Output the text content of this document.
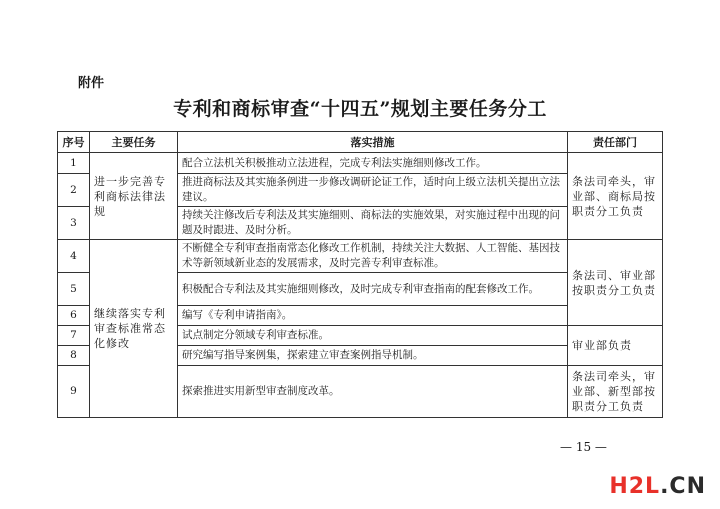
附件
专利和商标审查“十四五”规划主要任务分工
序号	主要任务	落实措施	责任部门
1	进一步完善专利商标法律法规	配合立法机关积极推动立法进程，完成专利法实施细则修改工作。	条法司牵头，审业部、商标局按职责分工负责
2		推进商标法及其实施条例进一步修改调研论证工作，适时向上级立法机关提出立法建议。	
3		持续关注修改后专利法及其实施细则、商标法的实施效果，对实施过程中出现的问题及时跟进、及时分析。	
4	继续落实专利审查标准常态化修改	不断健全专利审查指南常态化修改工作机制，持续关注大数据、人工智能、基因技术等新领域新业态的发展需求，及时完善专利审查标准。	条法司、审业部按职责分工负责
5		积极配合专利法及其实施细则修改，及时完成专利审查指南的配套修改工作。	
6		编写《专利申请指南》。	
7		试点制定分领域专利审查标准。	审业部负责
8		研究编写指导案例集，探索建立审查案例指导机制。	
9		探索推进实用新型审查制度改革。	条法司牵头，审业部、新型部按职责分工负责
— 15 —
H2L.CN
